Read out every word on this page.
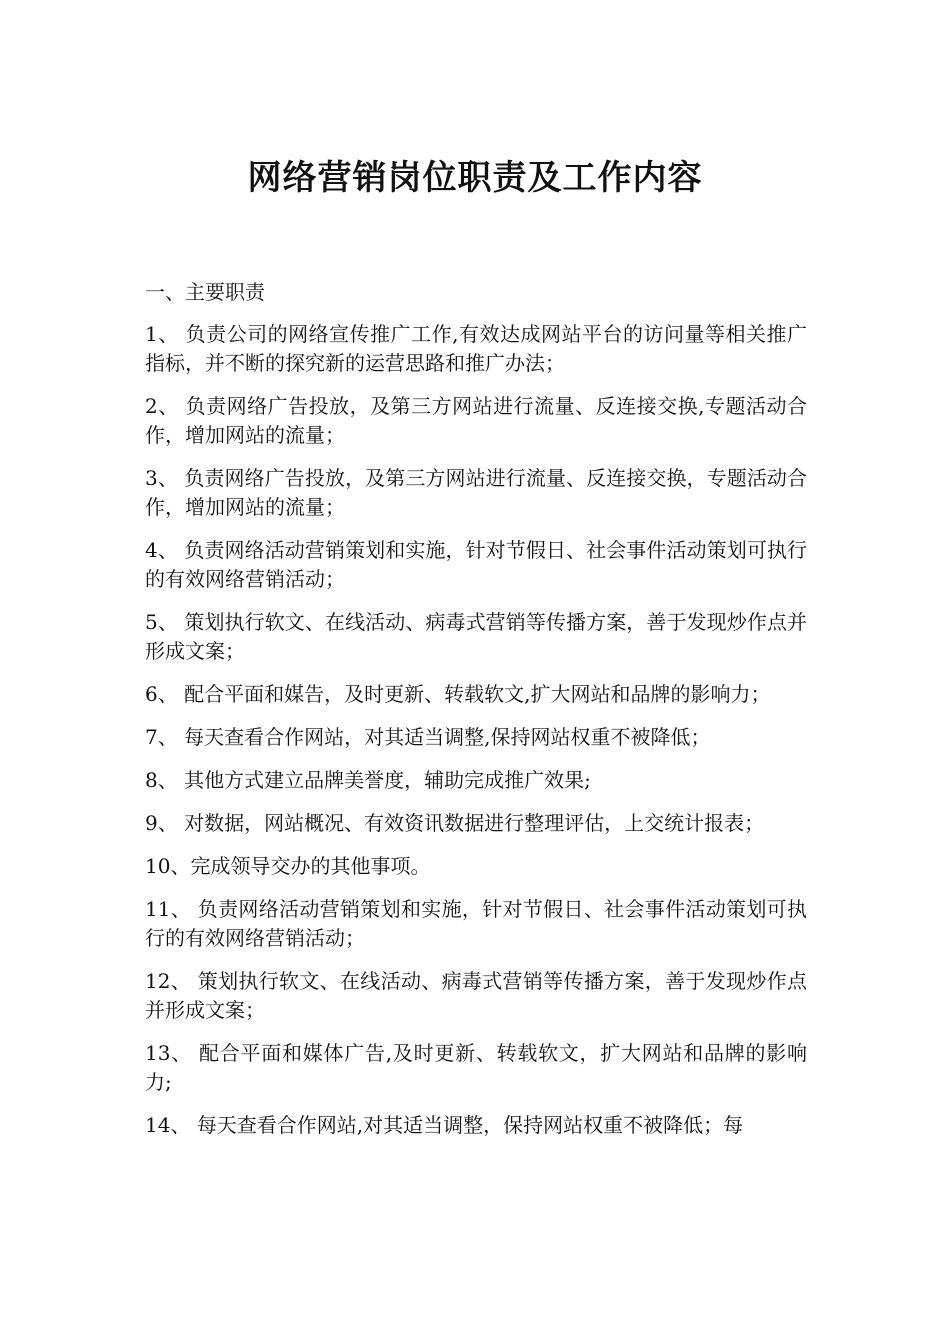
网络营销岗位职责及工作内容
一、主要职责
1、 负责公司的网络宣传推广工作,有效达成网站平台的访问量等相关推广指标，并不断的探究新的运营思路和推广办法；
2、 负责网络广告投放，及第三方网站进行流量、反连接交换,专题活动合作，增加网站的流量；
3、 负责网络广告投放，及第三方网站进行流量、反连接交换，专题活动合作，增加网站的流量；
4、 负责网络活动营销策划和实施，针对节假日、社会事件活动策划可执行的有效网络营销活动；
5、 策划执行软文、在线活动、病毒式营销等传播方案，善于发现炒作点并形成文案；
6、 配合平面和媒告，及时更新、转载软文,扩大网站和品牌的影响力；
7、 每天查看合作网站，对其适当调整,保持网站权重不被降低；
8、 其他方式建立品牌美誉度，辅助完成推广效果;
9、 对数据，网站概况、有效资讯数据进行整理评估，上交统计报表；
10、完成领导交办的其他事项。
11、 负责网络活动营销策划和实施，针对节假日、社会事件活动策划可执行的有效网络营销活动；
12、 策划执行软文、在线活动、病毒式营销等传播方案，善于发现炒作点并形成文案；
13、 配合平面和媒体广告,及时更新、转载软文，扩大网站和品牌的影响力;
14、 每天查看合作网站,对其适当调整，保持网站权重不被降低；每
